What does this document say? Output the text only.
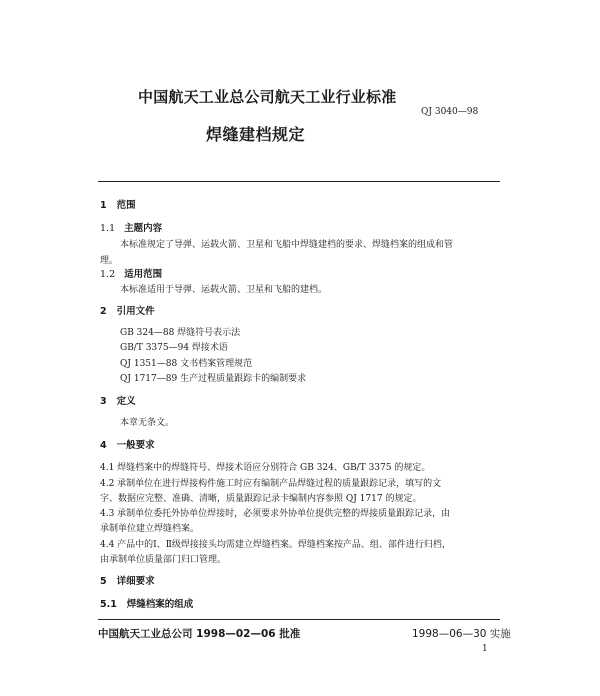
中国航天工业总公司航天工业行业标准
QJ 3040—98
焊缝建档规定
1 范围
1.1 主题内容
本标准规定了导弹、运载火箭、卫星和飞船中焊缝建档的要求、焊缝档案的组成和管
理。
1.2 适用范围
本标准适用于导弹、运载火箭、卫星和飞船的建档。
2 引用文件
GB 324—88 焊缝符号表示法
GB/T 3375—94 焊接术语
QJ 1351—88 文书档案管理规范
QJ 1717—89 生产过程质量跟踪卡的编制要求
3 定义
本章无条文。
4 一般要求
4.1 焊缝档案中的焊缝符号、焊接术语应分别符合 GB 324、GB/T 3375 的规定。
4.2 承制单位在进行焊接构件施工时应有编制产品焊缝过程的质量跟踪记录，填写的文
字、数据应完整、准确、清晰，质量跟踪记录卡编制内容参照 QJ 1717 的规定。
4.3 承制单位委托外协单位焊接时，必须要求外协单位提供完整的焊接质量跟踪记录，由
承制单位建立焊缝档案。
4.4 产品中的Ⅰ、Ⅱ级焊接接头均需建立焊缝档案。焊缝档案按产品、组、部件进行归档，
由承制单位质量部门归口管理。
5 详细要求
5.1 焊缝档案的组成
中国航天工业总公司 1998—02—06 批准	1998—06—30 实施
1
